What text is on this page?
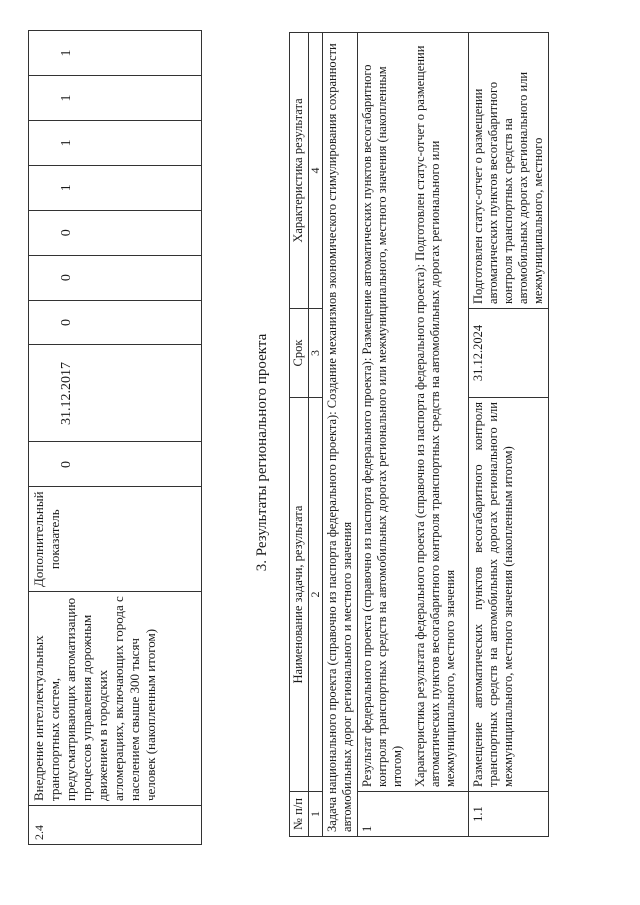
2.4	Внедрение интеллектуальных транспортных систем, предусматривающих автоматизацию процессов управления дорожным движением в городских агломерациях, включающих города с населением свыше 300 тысяч человек (накопленным итогом)	Дополнительный показатель	0	31.12.2017	0	0	0	1	1	1	1
3. Результаты регионального проекта
№ п/п	Наименование задачи, результата	Срок	Характеристика результата
1	2	3	4
Задача национального проекта (справочно из паспорта федерального проекта): Создание механизмов экономического стимулирования сохранности автомобильных дорог регионального и местного значения			
1	Результат федерального проекта (справочно из паспорта федерального проекта): Размещение автоматических пунктов весогабаритного контроля транспортных средств на автомобильных дорогах регионального или межмуниципального, местного значения (накопленным итогом) Характеристика результата федерального проекта (справочно из паспорта федерального проекта): Подготовлен статус-отчет о размещении автоматических пунктов весогабаритного контроля транспортных средств на автомобильных дорогах регионального или межмуниципального, местного значения		

1.1	Размещение автоматических пунктов весогабаритного контроля транспортных средств на автомобильных дорогах регионального или межмуниципального, местного значения (накопленным итогом)	31.12.2024	Подготовлен статус-отчет о размещении автоматических пунктов весогабаритного контроля транспортных средств на автомобильных дорогах регионального или межмуниципального, местного
